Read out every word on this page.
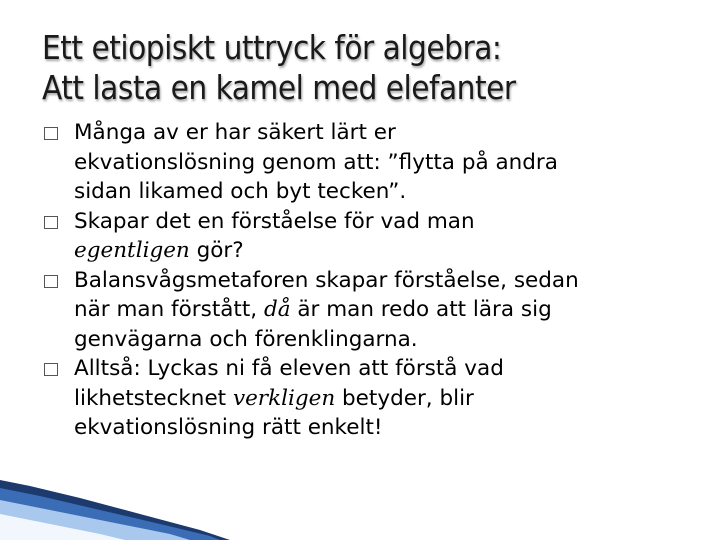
Ett etiopiskt uttryck för algebra:
Att lasta en kamel med elefanter

Många av er har säkert lärt er

ekvationslösning genom att: ”flytta på andra

sidan likamed och byt tecken”.

Skapar det en förståelse för vad man

egentligen gör?

Balansvågsmetaforen skapar förståelse, sedan

när man förstått, då är man redo att lära sig

genvägarna och förenklingarna.

Alltså: Lyckas ni få eleven att förstå vad

likhetstecknet verkligen betyder, blir

ekvationslösning rätt enkelt!
